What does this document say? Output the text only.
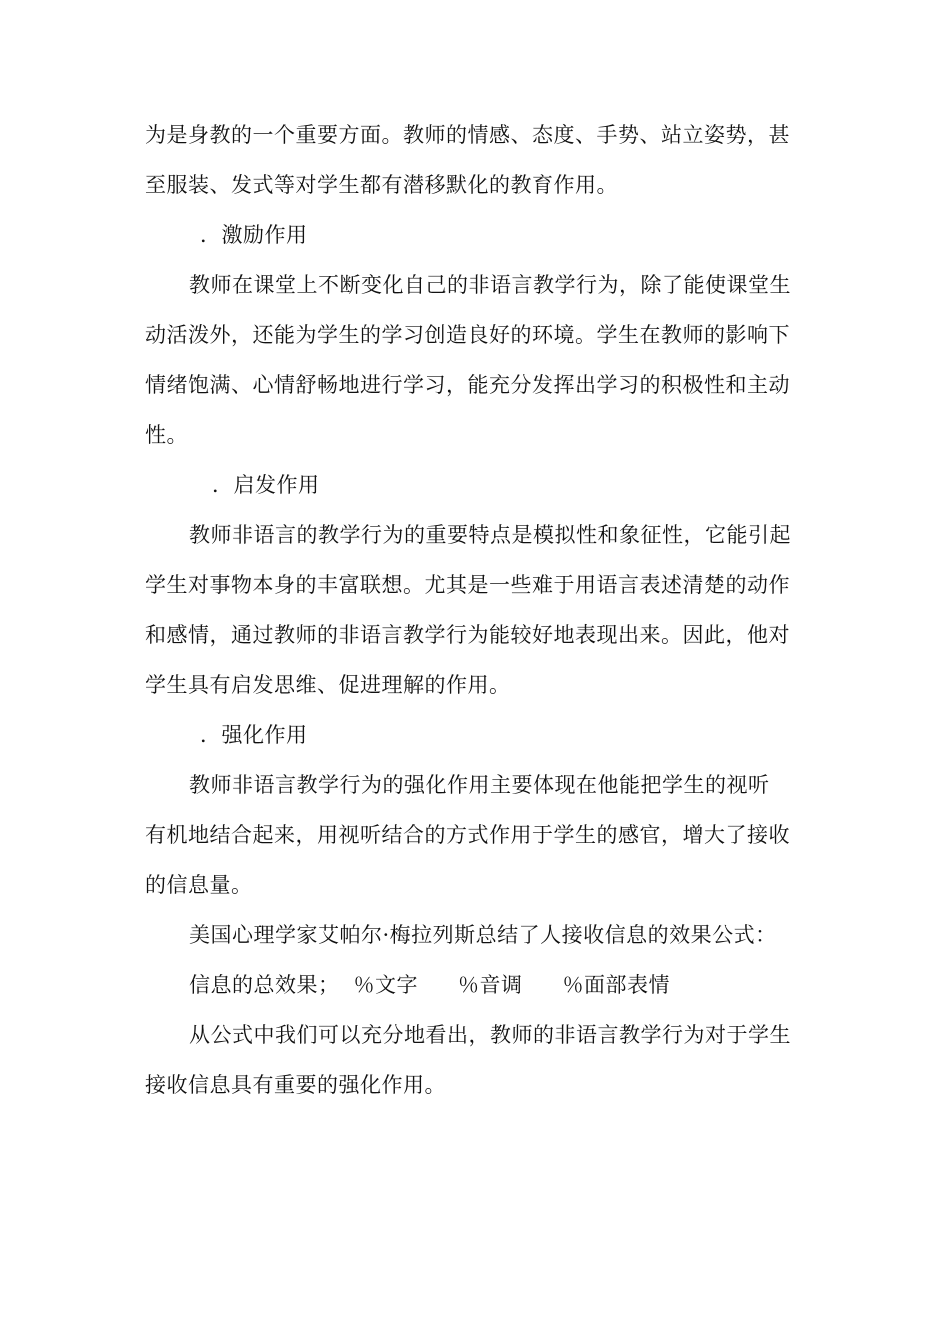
为是身教的一个重要方面。教师的情感、态度、手势、站立姿势，甚
至服装、发式等对学生都有潜移默化的教育作用。
．激励作用
教师在课堂上不断变化自己的非语言教学行为，除了能使课堂生
动活泼外，还能为学生的学习创造良好的环境。学生在教师的影响下
情绪饱满、心情舒畅地进行学习，能充分发挥出学习的积极性和主动
性。
．启发作用
教师非语言的教学行为的重要特点是模拟性和象征性，它能引起
学生对事物本身的丰富联想。尤其是一些难于用语言表述清楚的动作
和感情，通过教师的非语言教学行为能较好地表现出来。因此，他对
学生具有启发思维、促进理解的作用。
．强化作用
教师非语言教学行为的强化作用主要体现在他能把学生的视听
有机地结合起来，用视听结合的方式作用于学生的感官，增大了接收
的信息量。
美国心理学家艾帕尔·梅拉列斯总结了人接收信息的效果公式：
信息的总效果； ％文字 ％音调 ％面部表情
从公式中我们可以充分地看出，教师的非语言教学行为对于学生
接收信息具有重要的强化作用。
